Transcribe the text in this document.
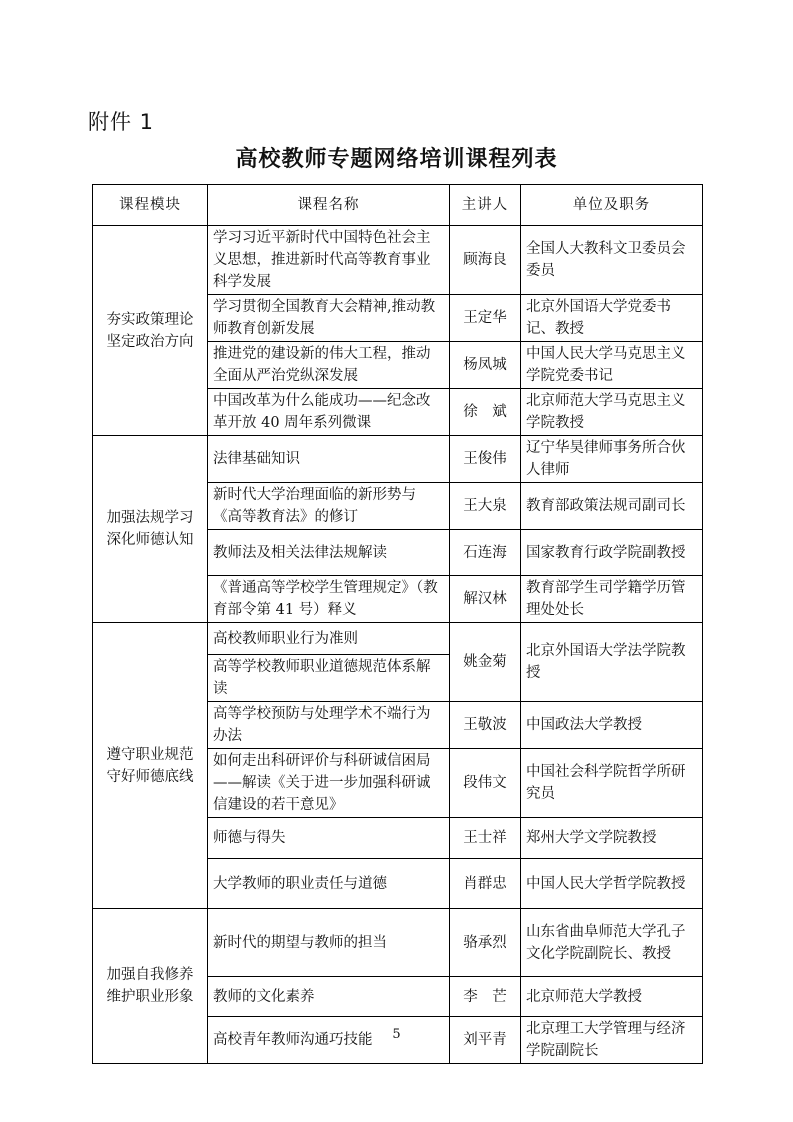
附件 1
高校教师专题网络培训课程列表
课程模块	课程名称	主讲人	单位及职务
夯实政策理论坚定政治方向	学习习近平新时代中国特色社会主义思想，推进新时代高等教育事业科学发展	顾海良	全国人大教科文卫委员会委员
	学习贯彻全国教育大会精神,推动教师教育创新发展	王定华	北京外国语大学党委书记、教授
	推进党的建设新的伟大工程，推动全面从严治党纵深发展	杨凤城	中国人民大学马克思主义学院党委书记
	中国改革为什么能成功——纪念改革开放 40 周年系列微课	徐　斌	北京师范大学马克思主义学院教授
加强法规学习深化师德认知	法律基础知识	王俊伟	辽宁华昊律师事务所合伙人律师
	新时代大学治理面临的新形势与《高等教育法》的修订	王大泉	教育部政策法规司副司长
	教师法及相关法律法规解读	石连海	国家教育行政学院副教授
	《普通高等学校学生管理规定》（教育部令第 41 号）释义	解汉林	教育部学生司学籍学历管理处处长
遵守职业规范守好师德底线	高校教师职业行为准则	姚金菊	北京外国语大学法学院教授
	高等学校教师职业道德规范体系解读		
	高等学校预防与处理学术不端行为办法	王敬波	中国政法大学教授
	如何走出科研评价与科研诚信困局——解读《关于进一步加强科研诚信建设的若干意见》	段伟文	中国社会科学院哲学所研究员
	师德与得失	王士祥	郑州大学文学院教授
	大学教师的职业责任与道德	肖群忠	中国人民大学哲学院教授
加强自我修养维护职业形象	新时代的期望与教师的担当	骆承烈	山东省曲阜师范大学孔子文化学院副院长、教授
	教师的文化素养	李　芒	北京师范大学教授
	高校青年教师沟通巧技能	刘平青	北京理工大学管理与经济学院副院长
5
